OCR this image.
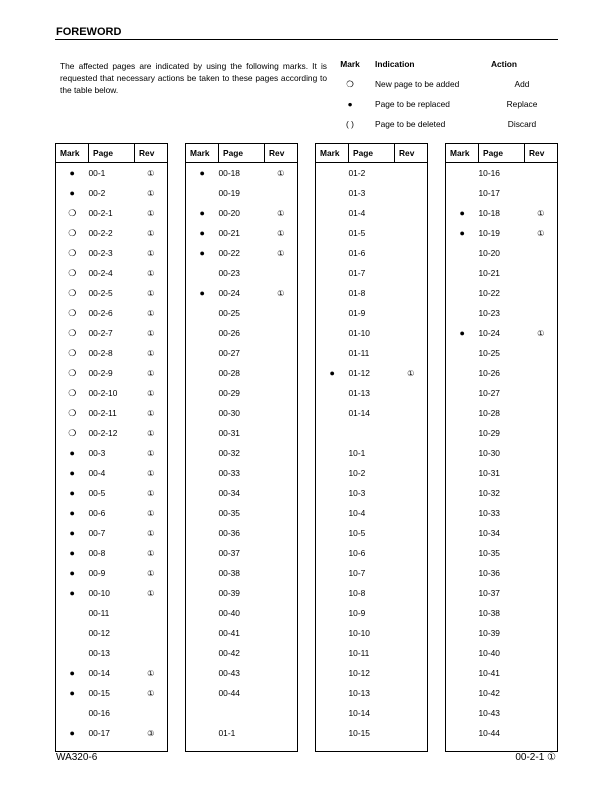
FOREWORD
The affected pages are indicated by using the following marks. It is requested that necessary actions be taken to these pages according to the table below.
Mark	Indication	Action
❍	New page to be added	Add
●	Page to be replaced	Replace
( )	Page to be deleted	Discard
Mark	Page	Rev
●	00-1	①
●	00-2	①
❍	00-2-1	①
❍	00-2-2	①
❍	00-2-3	①
❍	00-2-4	①
❍	00-2-5	①
❍	00-2-6	①
❍	00-2-7	①
❍	00-2-8	①
❍	00-2-9	①
❍	00-2-10	①
❍	00-2-11	①
❍	00-2-12	①
●	00-3	①
●	00-4	①
●	00-5	①
●	00-6	①
●	00-7	①
●	00-8	①
●	00-9	①
●	00-10	①
	00-11	
	00-12	
	00-13	
●	00-14	①
●	00-15	①
	00-16	
●	00-17	③

Mark	Page	Rev
●	00-18	①
	00-19	
●	00-20	①
●	00-21	①
●	00-22	①
	00-23	
●	00-24	①
	00-25	
	00-26	
	00-27	
	00-28	
	00-29	
	00-30	
	00-31	
	00-32	
	00-33	
	00-34	
	00-35	
	00-36	
	00-37	
	00-38	
	00-39	
	00-40	
	00-41	
	00-42	
	00-43	
	00-44	

	01-1	

Mark	Page	Rev
	01-2	
	01-3	
	01-4	
	01-5	
	01-6	
	01-7	
	01-8	
	01-9	
	01-10	
	01-11	
●	01-12	①
	01-13	
	01-14	

	10-1	
	10-2	
	10-3	
	10-4	
	10-5	
	10-6	
	10-7	
	10-8	
	10-9	
	10-10	
	10-11	
	10-12	
	10-13	
	10-14	
	10-15	

Mark	Page	Rev
	10-16	
	10-17	
●	10-18	①
●	10-19	①
	10-20	
	10-21	
	10-22	
	10-23	
●	10-24	①
	10-25	
	10-26	
	10-27	
	10-28	
	10-29	
	10-30	
	10-31	
	10-32	
	10-33	
	10-34	
	10-35	
	10-36	
	10-37	
	10-38	
	10-39	
	10-40	
	10-41	
	10-42	
	10-43	
	10-44	

WA320-6	00-2-1 ①
